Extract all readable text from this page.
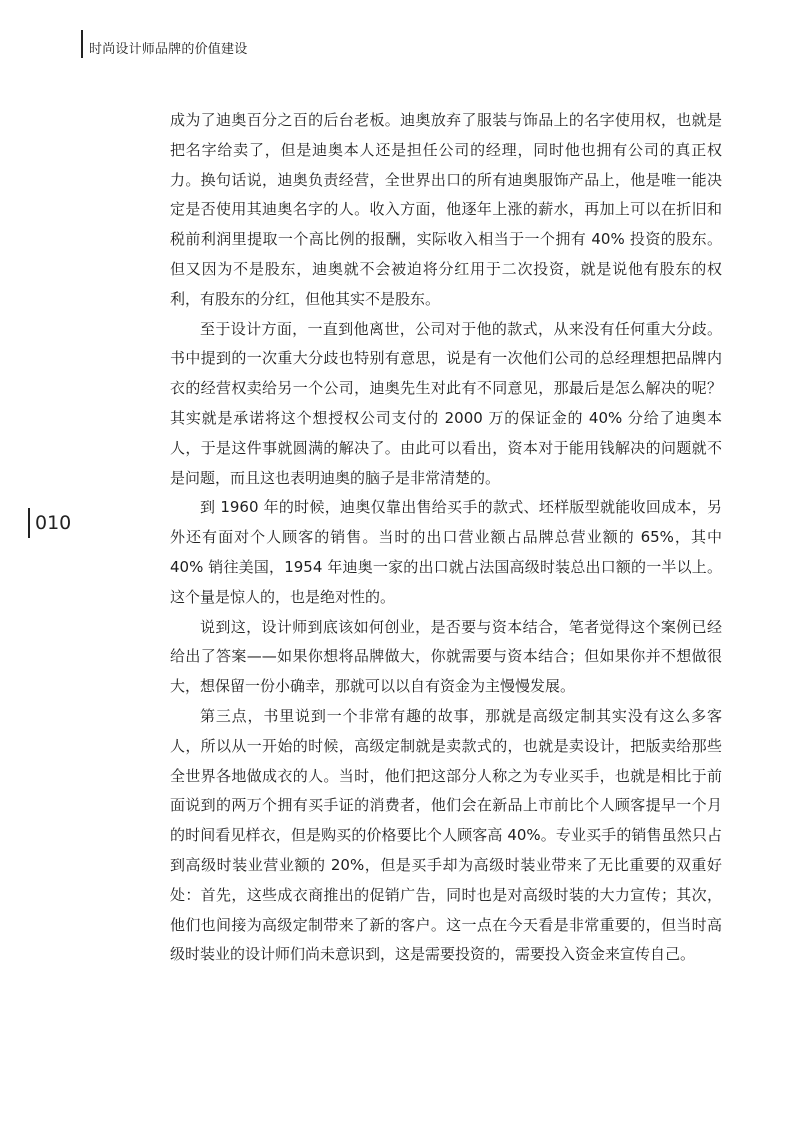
时尚设计师品牌的价值建设
010

成为了迪奥百分之百的后台老板。迪奥放弃了服装与饰品上的名字使用权，也就是把名字给卖了，但是迪奥本人还是担任公司的经理，同时他也拥有公司的真正权力。换句话说，迪奥负责经营，全世界出口的所有迪奥服饰产品上，他是唯一能决定是否使用其迪奥名字的人。收入方面，他逐年上涨的薪水，再加上可以在折旧和税前利润里提取一个高比例的报酬，实际收入相当于一个拥有 40% 投资的股东。但又因为不是股东，迪奥就不会被迫将分红用于二次投资，就是说他有股东的权利，有股东的分红，但他其实不是股东。

至于设计方面，一直到他离世，公司对于他的款式，从来没有任何重大分歧。书中提到的一次重大分歧也特别有意思，说是有一次他们公司的总经理想把品牌内衣的经营权卖给另一个公司，迪奥先生对此有不同意见，那最后是怎么解决的呢？其实就是承诺将这个想授权公司支付的 2000 万的保证金的 40% 分给了迪奥本人，于是这件事就圆满的解决了。由此可以看出，资本对于能用钱解决的问题就不是问题，而且这也表明迪奥的脑子是非常清楚的。

到 1960 年的时候，迪奥仅靠出售给买手的款式、坯样版型就能收回成本，另外还有面对个人顾客的销售。当时的出口营业额占品牌总营业额的 65%，其中 40% 销往美国，1954 年迪奥一家的出口就占法国高级时装总出口额的一半以上。这个量是惊人的，也是绝对性的。

说到这，设计师到底该如何创业，是否要与资本结合，笔者觉得这个案例已经给出了答案——如果你想将品牌做大，你就需要与资本结合；但如果你并不想做很大，想保留一份小确幸，那就可以以自有资金为主慢慢发展。

第三点，书里说到一个非常有趣的故事，那就是高级定制其实没有这么多客人，所以从一开始的时候，高级定制就是卖款式的，也就是卖设计，把版卖给那些全世界各地做成衣的人。当时，他们把这部分人称之为专业买手，也就是相比于前面说到的两万个拥有买手证的消费者，他们会在新品上市前比个人顾客提早一个月的时间看见样衣，但是购买的价格要比个人顾客高 40%。专业买手的销售虽然只占到高级时装业营业额的 20%，但是买手却为高级时装业带来了无比重要的双重好处：首先，这些成衣商推出的促销广告，同时也是对高级时装的大力宣传；其次，他们也间接为高级定制带来了新的客户。这一点在今天看是非常重要的，但当时高级时装业的设计师们尚未意识到，这是需要投资的，需要投入资金来宣传自己。
